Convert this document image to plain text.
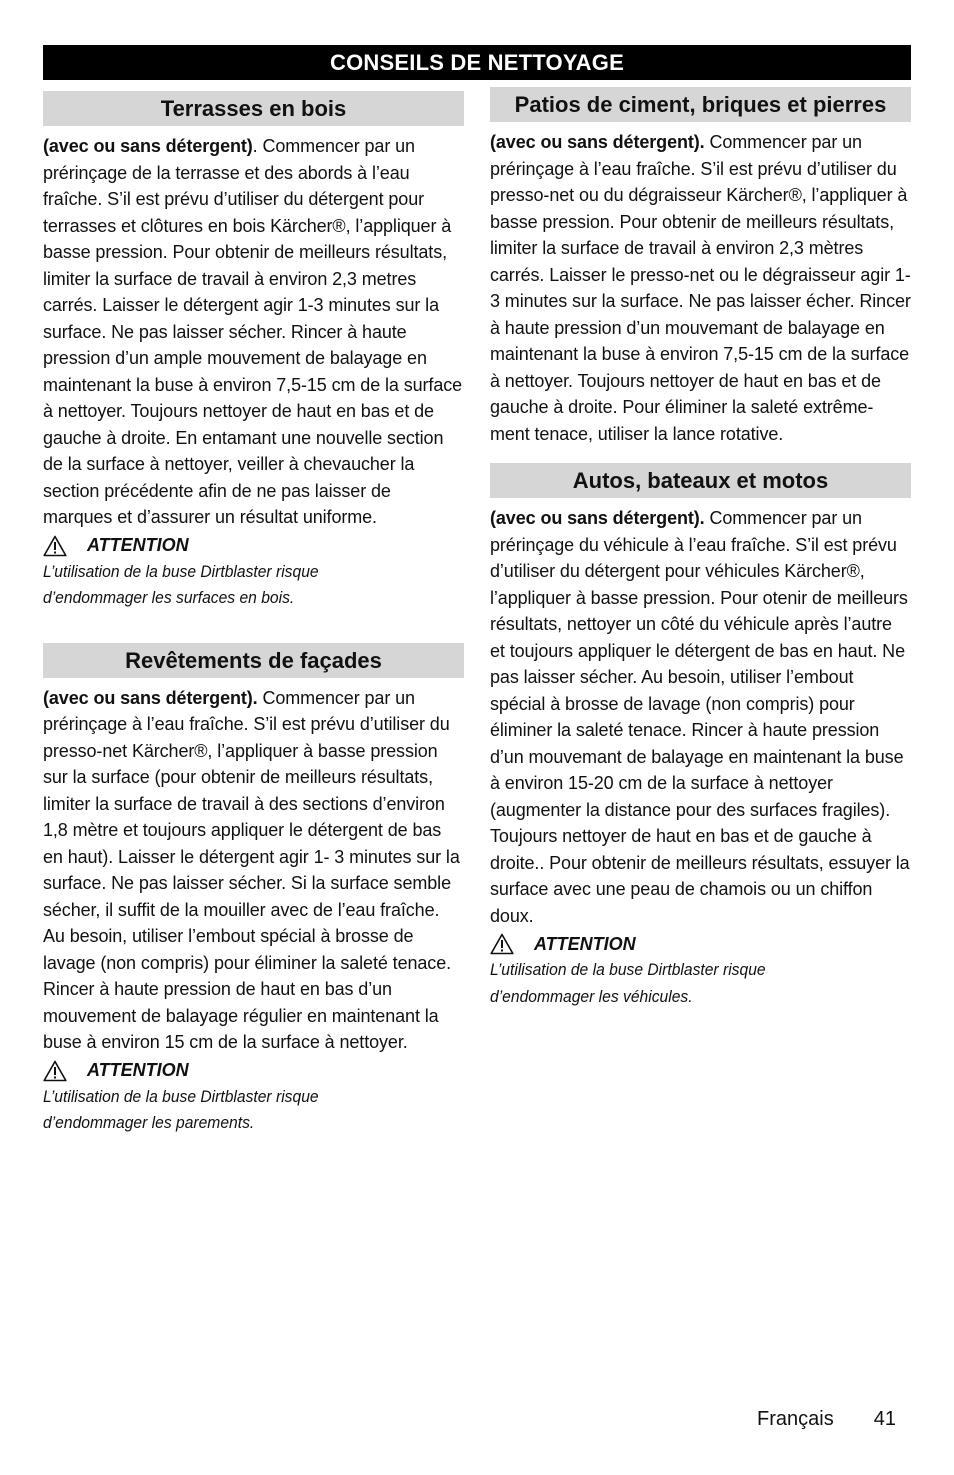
CONSEILS DE NETTOYAGE
Terrasses en bois

(avec ou sans détergent). Commencer par un prérinçage de la terrasse et des abords à l’eau fraîche. S’il est prévu d’utiliser du détergent pour terrasses et clôtures en bois Kärcher®, l’appliquer à basse pression. Pour obtenir de meilleurs résultats, limiter la surface de travail à environ 2,3 metres carrés. Laisser le détergent agir 1-3 minutes sur la surface. Ne pas laisser sécher. Rincer à haute pression d’un ample mouvement de balayage en maintenant la buse à environ 7,5-15 cm de la surface à nettoyer. Toujours nettoyer de haut en bas et de gauche à droite. En entamant une nouvelle section de la surface à nettoyer, veiller à chevaucher la section précédente afin de ne pas laisser de marques et d’assurer un résultat uniforme.

ATTENTION

L’utilisation de la buse Dirtblaster risque

d’endommager les surfaces en bois.

Revêtements de façades

(avec ou sans détergent). Commencer par un prérinçage à l’eau fraîche. S’il est prévu d’utiliser du presso-net Kärcher®, l’appliquer à basse pression sur la surface (pour obtenir de meilleurs résultats, limiter la surface de travail à des sections d’environ 1,8 mètre et toujours appliquer le détergent de bas en haut). Laisser le détergent agir 1- 3 minutes sur la surface. Ne pas laisser sécher. Si la surface semble sécher, il suffit de la mouiller avec de l’eau fraîche. Au besoin, utiliser l’embout spécial à brosse de lavage (non compris) pour éliminer la saleté tenace. Rincer à haute pression de haut en bas d’un mouvement de balayage régulier en maintenant la buse à environ 15 cm de la surface à nettoyer.

ATTENTION

L’utilisation de la buse Dirtblaster risque

d’endommager les parements.

Patios de ciment, briques et pierres

(avec ou sans détergent). Commencer par un prérinçage à l’eau fraîche. S’il est prévu d’utiliser du presso-net ou du dégraisseur Kärcher®, l’appliquer à basse pression. Pour obtenir de meilleurs résultats, limiter la surface de travail à environ 2,3 mètres carrés. Laisser le presso-net ou le dégraisseur agir 1-3 minutes sur la surface. Ne pas laisser écher. Rincer à haute pression d’un mouvemant de balayage en maintenant la buse à environ 7,5-15 cm de la surface à nettoyer. Toujours nettoyer de haut en bas et de gauche à droite. Pour éliminer la saleté extrême-ment tenace, utiliser la lance rotative.

Autos, bateaux et motos

(avec ou sans détergent). Commencer par un prérinçage du véhicule à l’eau fraîche. S’il est prévu d’utiliser du détergent pour véhicules Kärcher®, l’appliquer à basse pression. Pour otenir de meilleurs résultats, nettoyer un côté du véhicule après l’autre et toujours appliquer le détergent de bas en haut. Ne pas laisser sécher. Au besoin, utiliser l’embout spécial à brosse de lavage (non compris) pour éliminer la saleté tenace. Rincer à haute pression d’un mouvemant de balayage en maintenant la buse à environ 15-20 cm de la surface à nettoyer (augmenter la distance pour des surfaces fragiles). Toujours nettoyer de haut en bas et de gauche à droite.. Pour obtenir de meilleurs résultats, essuyer la surface avec une peau de chamois ou un chiffon doux.

ATTENTION

L’utilisation de la buse Dirtblaster risque

d’endommager les véhicules.

Français 41
